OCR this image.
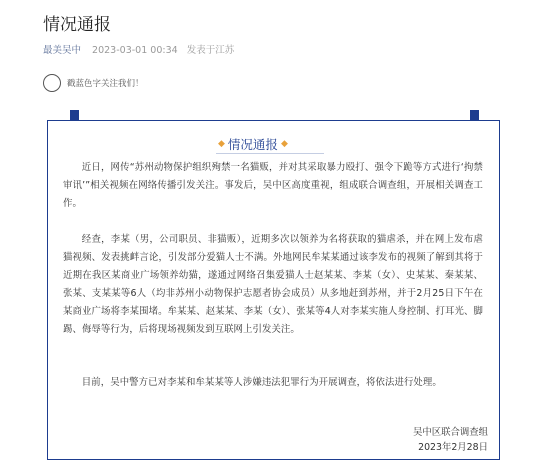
情况通报
最美吴中 2023-03-01 00:34 发表于江苏
戳蓝色字关注我们！
◆ 情况通报 ◆

近日，网传“苏州动物保护组织殉禁一名猫贩，并对其采取暴力殴打、强令下跪等方式进行‘拘禁审讯’”相关视频在网络传播引发关注。事发后，吴中区高度重视，组成联合调查组，开展相关调查工作。

经查，李某（男，公司职员、非猫贩），近期多次以领养为名将获取的猫虐杀，并在网上发布虐猫视频、发表挑衅言论，引发部分爱猫人士不满。外地网民牟某某通过该李发布的视频了解到其将于近期在我区某商业广场领养幼猫，遂通过网络召集爱猫人士赵某某、李某（女）、史某某、秦某某、张某、支某某等6人（均非苏州小动物保护志愿者协会成员）从多地赶到苏州，并于2月25日下午在某商业广场将李某围堵。牟某某、赵某某、李某（女）、张某等4人对李某实施人身控制、打耳光、脚踢、侮辱等行为，后将现场视频发到互联网上引发关注。

目前，吴中警方已对李某和牟某某等人涉嫌违法犯罪行为开展调查，将依法进行处理。

吴中区联合调查组
2023年2月28日
